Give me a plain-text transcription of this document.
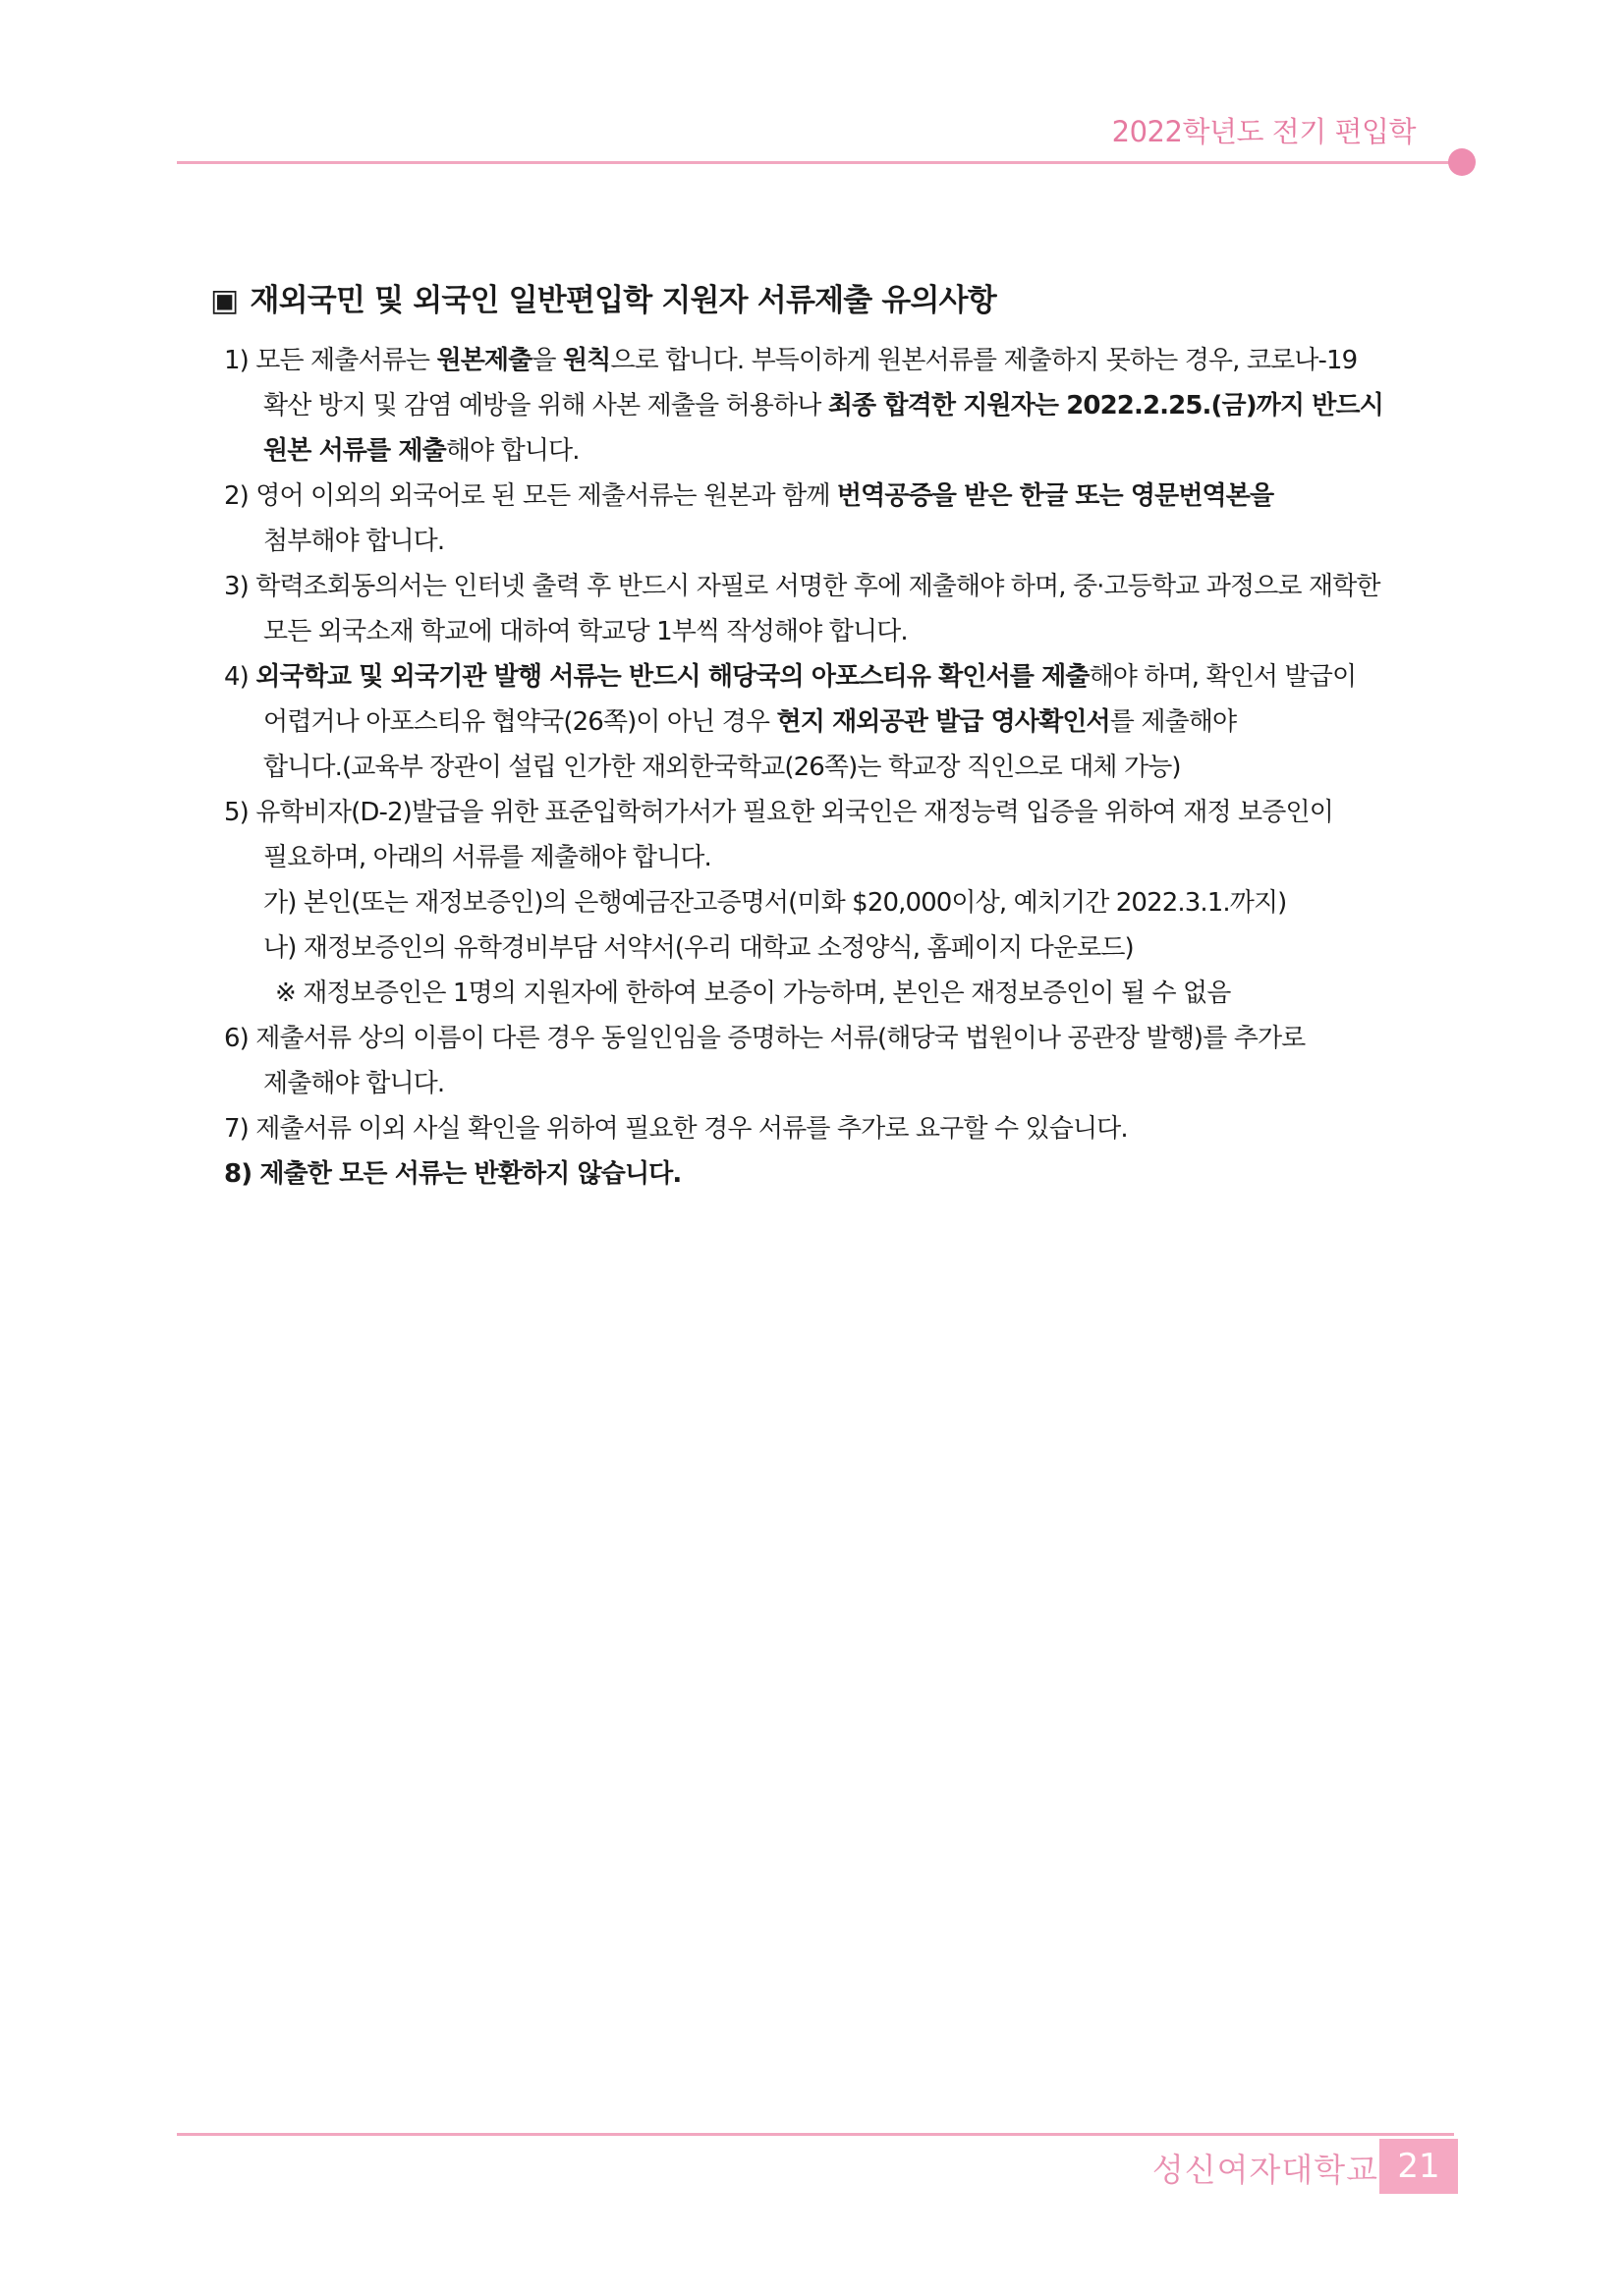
2022학년도 전기 편입학
▣ 재외국민 및 외국인 일반편입학 지원자 서류제출 유의사항
1) 모든 제출서류는 원본제출을 원칙으로 합니다. 부득이하게 원본서류를 제출하지 못하는 경우, 코로나-19
확산 방지 및 감염 예방을 위해 사본 제출을 허용하나 최종 합격한 지원자는 2022.2.25.(금)까지 반드시
원본 서류를 제출해야 합니다.
2) 영어 이외의 외국어로 된 모든 제출서류는 원본과 함께 번역공증을 받은 한글 또는 영문번역본을
첨부해야 합니다.
3) 학력조회동의서는 인터넷 출력 후 반드시 자필로 서명한 후에 제출해야 하며, 중·고등학교 과정으로 재학한
모든 외국소재 학교에 대하여 학교당 1부씩 작성해야 합니다.
4) 외국학교 및 외국기관 발행 서류는 반드시 해당국의 아포스티유 확인서를 제출해야 하며, 확인서 발급이
어렵거나 아포스티유 협약국(26쪽)이 아닌 경우 현지 재외공관 발급 영사확인서를 제출해야
합니다.(교육부 장관이 설립 인가한 재외한국학교(26쪽)는 학교장 직인으로 대체 가능)
5) 유학비자(D-2)발급을 위한 표준입학허가서가 필요한 외국인은 재정능력 입증을 위하여 재정 보증인이
필요하며, 아래의 서류를 제출해야 합니다.
가) 본인(또는 재정보증인)의 은행예금잔고증명서(미화 $20,000이상, 예치기간 2022.3.1.까지)
나) 재정보증인의 유학경비부담 서약서(우리 대학교 소정양식, 홈페이지 다운로드)
※ 재정보증인은 1명의 지원자에 한하여 보증이 가능하며, 본인은 재정보증인이 될 수 없음
6) 제출서류 상의 이름이 다른 경우 동일인임을 증명하는 서류(해당국 법원이나 공관장 발행)를 추가로
제출해야 합니다.
7) 제출서류 이외 사실 확인을 위하여 필요한 경우 서류를 추가로 요구할 수 있습니다.
8) 제출한 모든 서류는 반환하지 않습니다.
성신여자대학교 21
